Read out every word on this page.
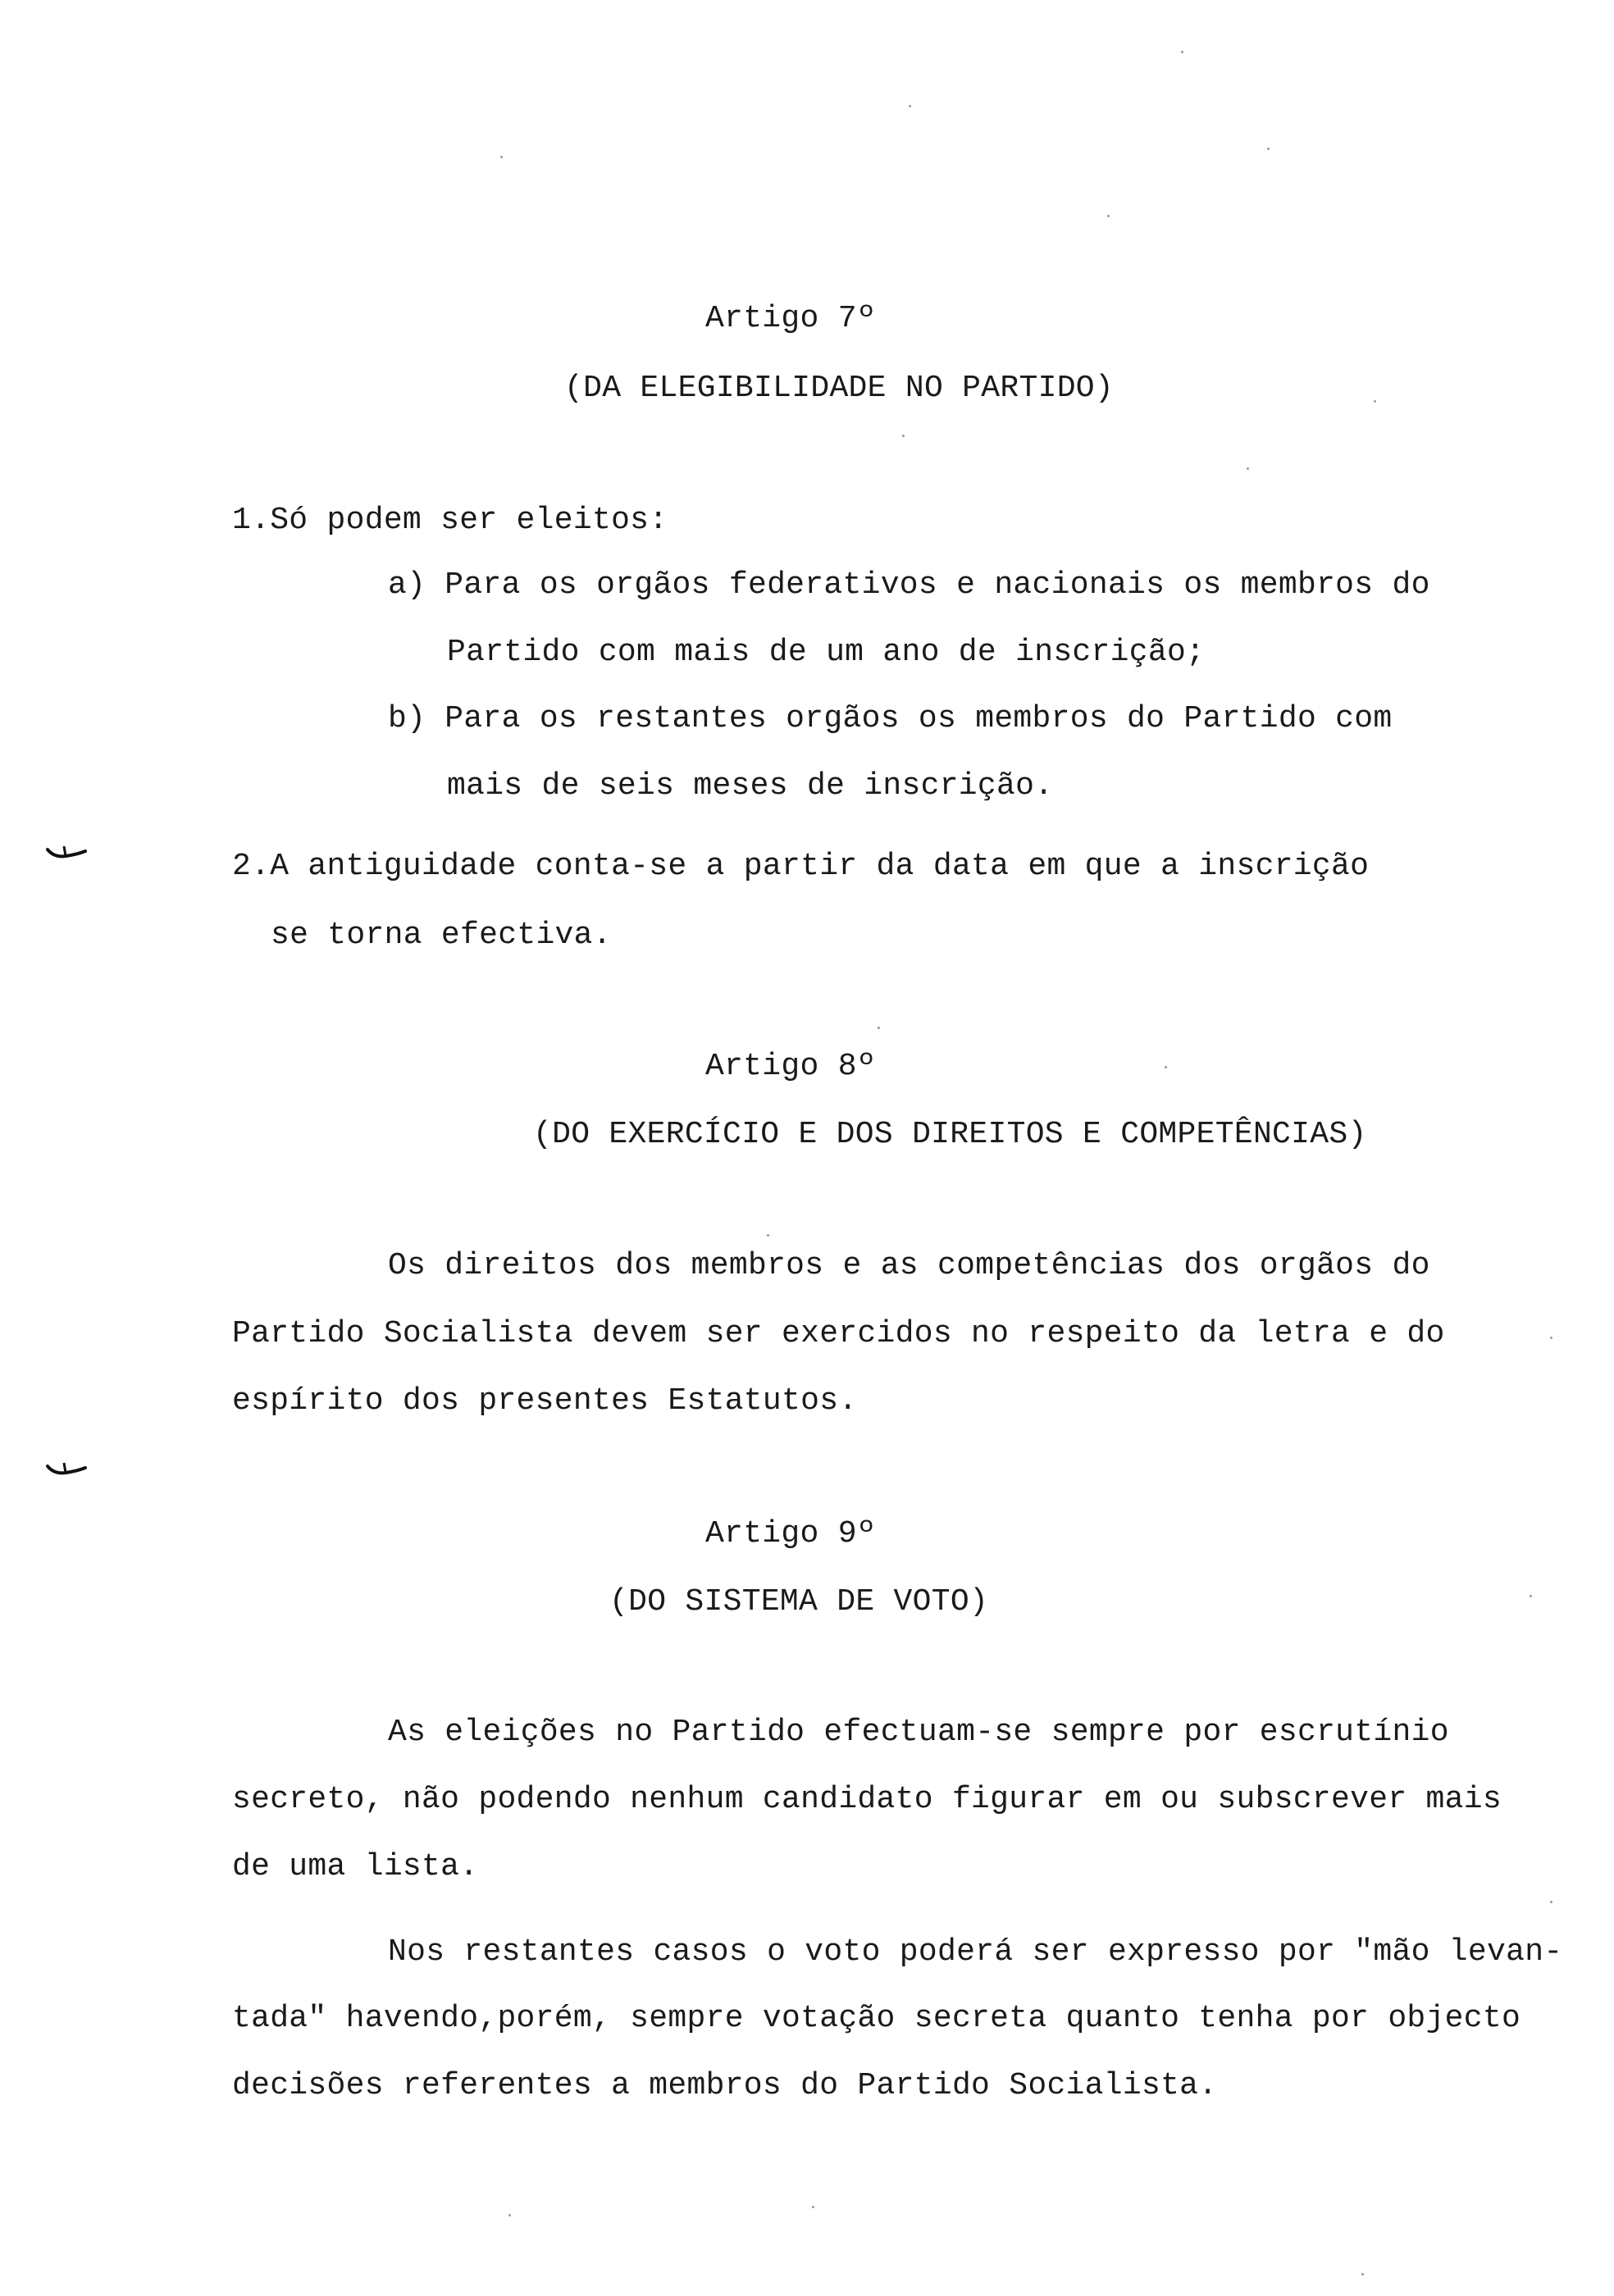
Artigo 7º
(DA ELEGIBILIDADE NO PARTIDO)
1.Só podem ser eleitos:
a) Para os orgãos federativos e nacionais os membros do
Partido com mais de um ano de inscrição;
b) Para os restantes orgãos os membros do Partido com
mais de seis meses de inscrição.
2.A antiguidade conta-se a partir da data em que a inscrição
se torna efectiva.
Artigo 8º
(DO EXERCÍCIO E DOS DIREITOS E COMPETÊNCIAS)
Os direitos dos membros e as competências dos orgãos do
Partido Socialista devem ser exercidos no respeito da letra e do
espírito dos presentes Estatutos.
Artigo 9º
(DO SISTEMA DE VOTO)
As eleições no Partido efectuam-se sempre por escrutínio
secreto, não podendo nenhum candidato figurar em ou subscrever mais
de uma lista.
Nos restantes casos o voto poderá ser expresso por "mão levan-
tada" havendo,porém, sempre votação secreta quanto tenha por objecto
decisões referentes a membros do Partido Socialista.
